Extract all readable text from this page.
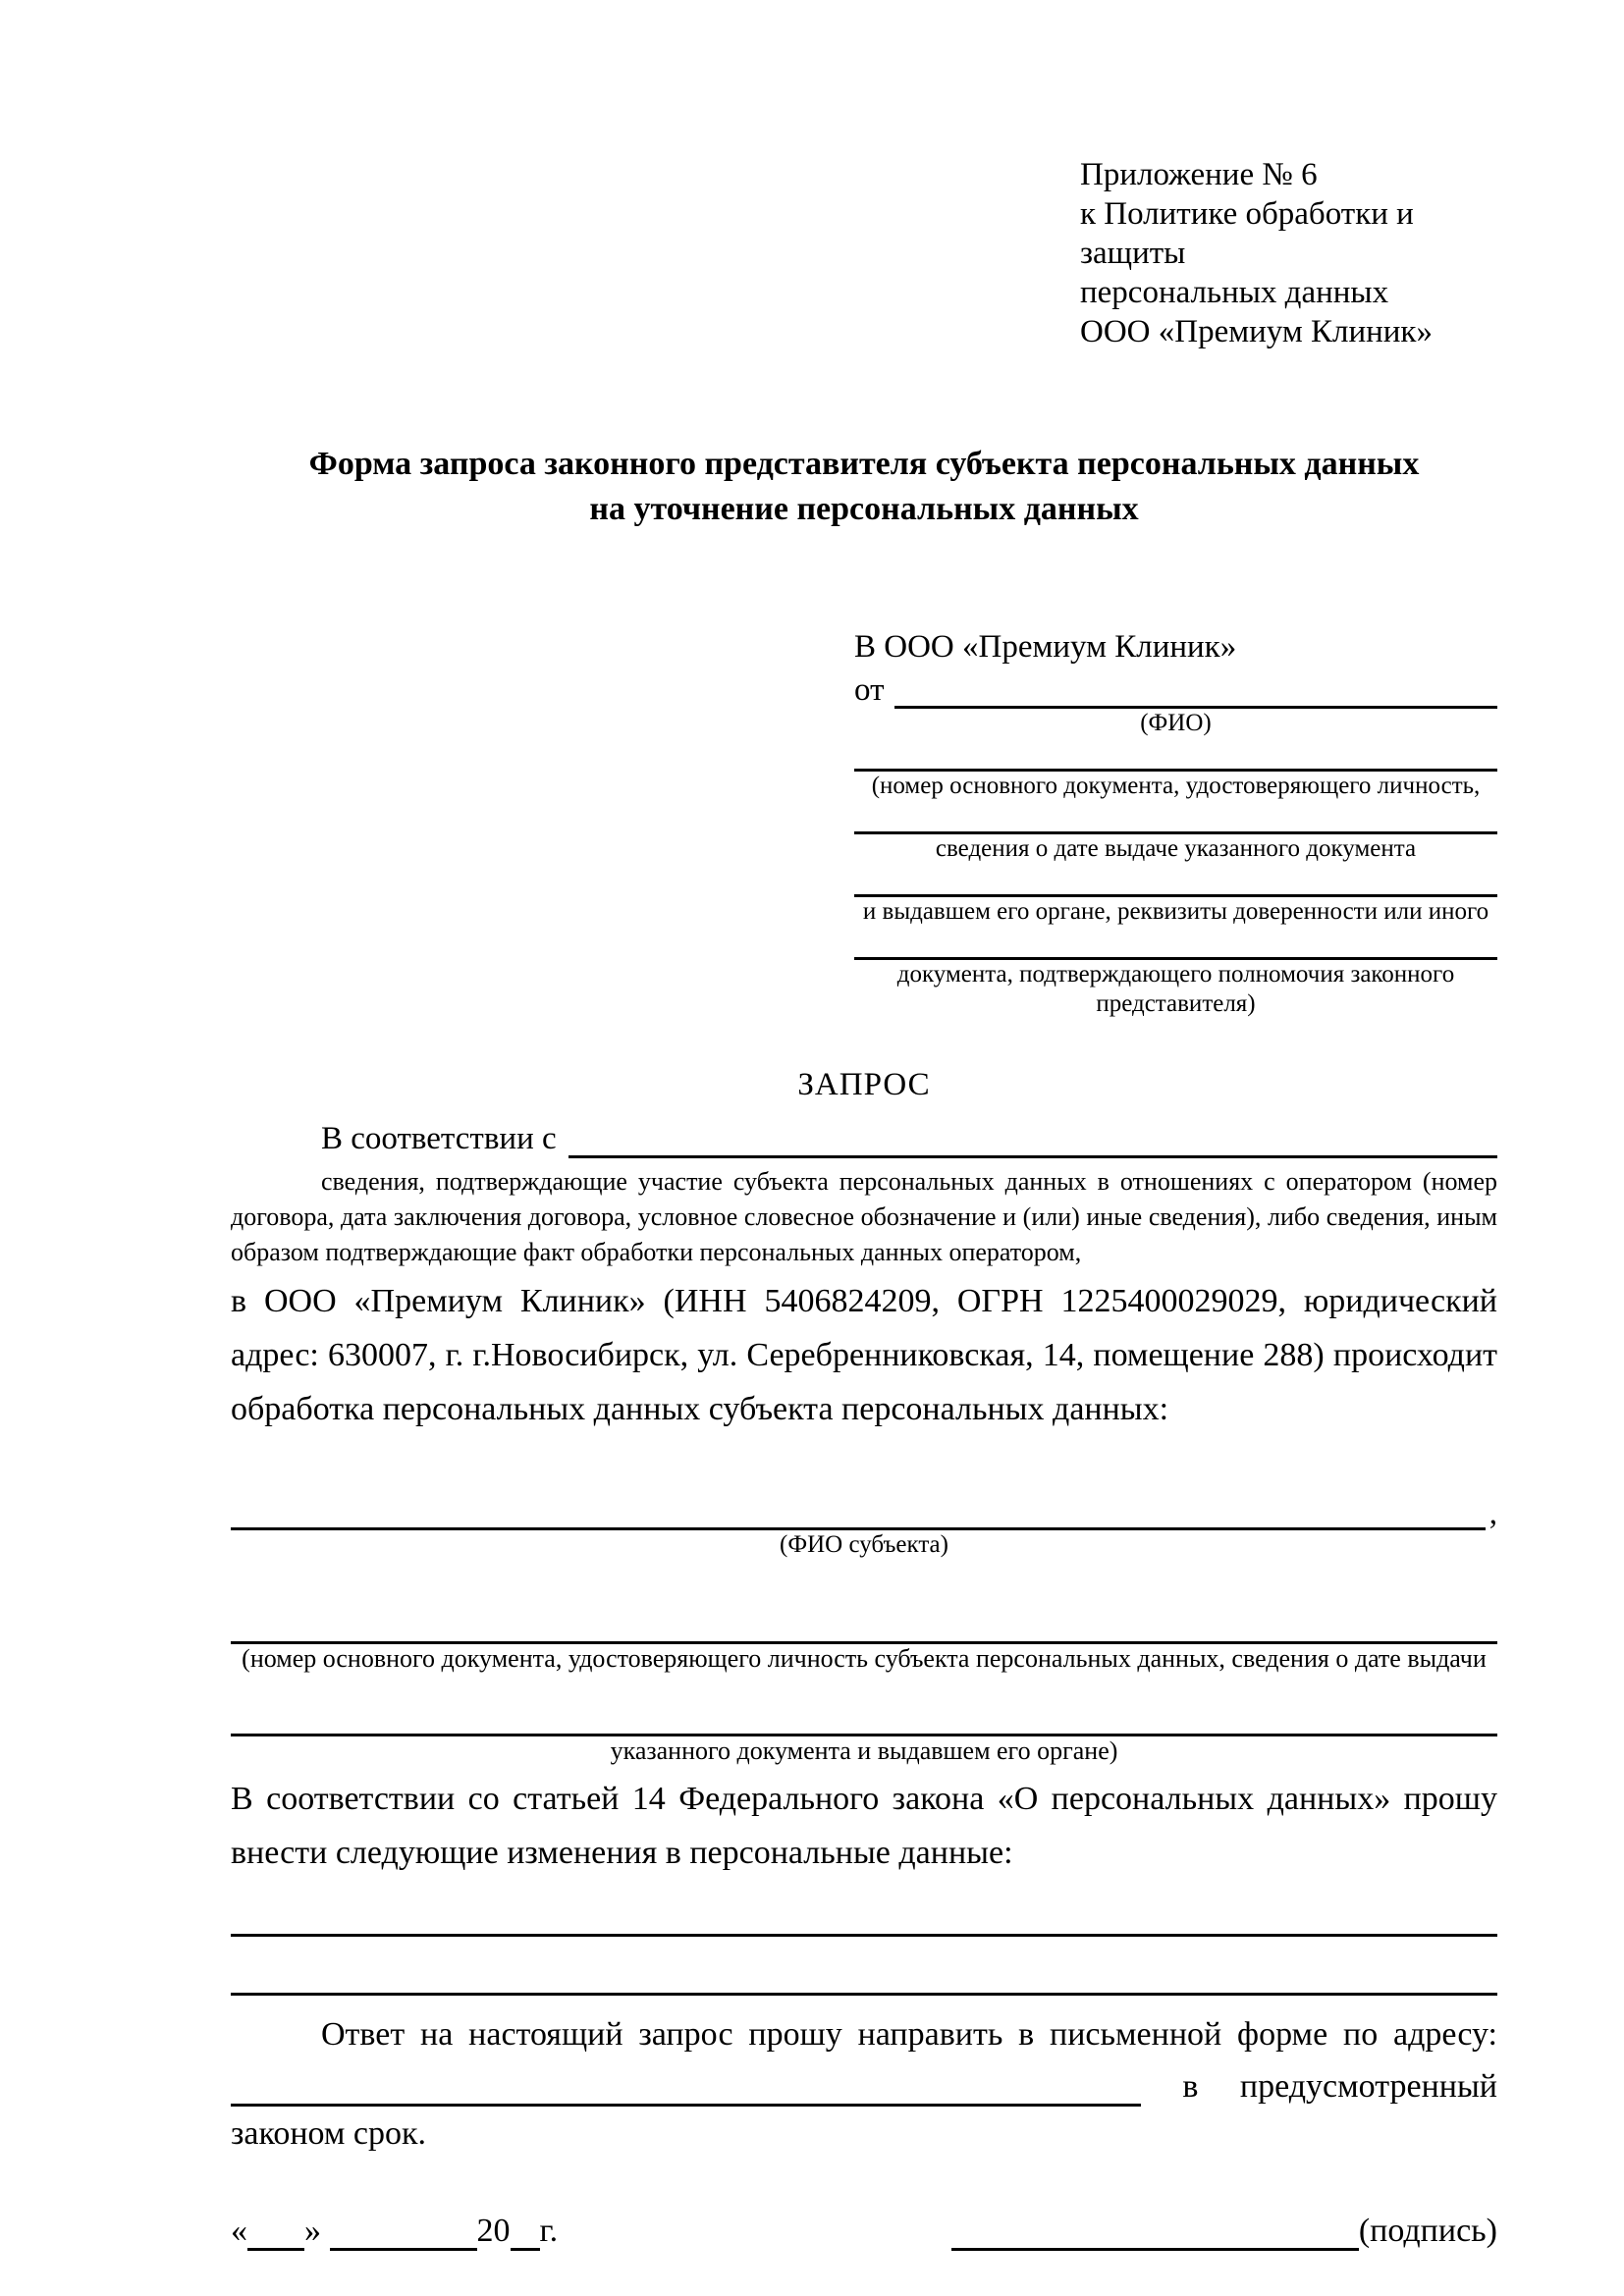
Приложение № 6
к Политике обработки и защиты
персональных данных
ООО «Премиум Клиник»
Форма запроса законного представителя субъекта персональных данных
на уточнение персональных данных
В ООО «Премиум Клиник»
от
(ФИО)
(номер основного документа, удостоверяющего личность,
сведения о дате выдаче указанного документа
и выдавшем его органе, реквизиты доверенности или иного
документа, подтверждающего полномочия законного представителя)
ЗАПРОС
В соответствии с

сведения, подтверждающие участие субъекта персональных данных в отношениях с оператором (номер договора, дата заключения договора, условное словесное обозначение и (или) иные сведения), либо сведения, иным образом подтверждающие факт обработки персональных данных оператором,

в ООО «Премиум Клиник» (ИНН 5406824209, ОГРН 1225400029029, юридический адрес: 630007, г. г.Новосибирск, ул. Серебренниковская, 14, помещение 288) происходит обработка персональных данных субъекта персональных данных:

,
(ФИО субъекта)
(номер основного документа, удостоверяющего личность субъекта персональных данных, сведения о дате выдачи
указанного документа и выдавшем его органе)

В соответствии со статьей 14 Федерального закона «О персональных данных» прошу внести следующие изменения в персональные данные:

Ответ на настоящий запрос прошу направить в письменной форме по адресу:
в предусмотренный
законом срок.
« »	20 г.	(подпись)
